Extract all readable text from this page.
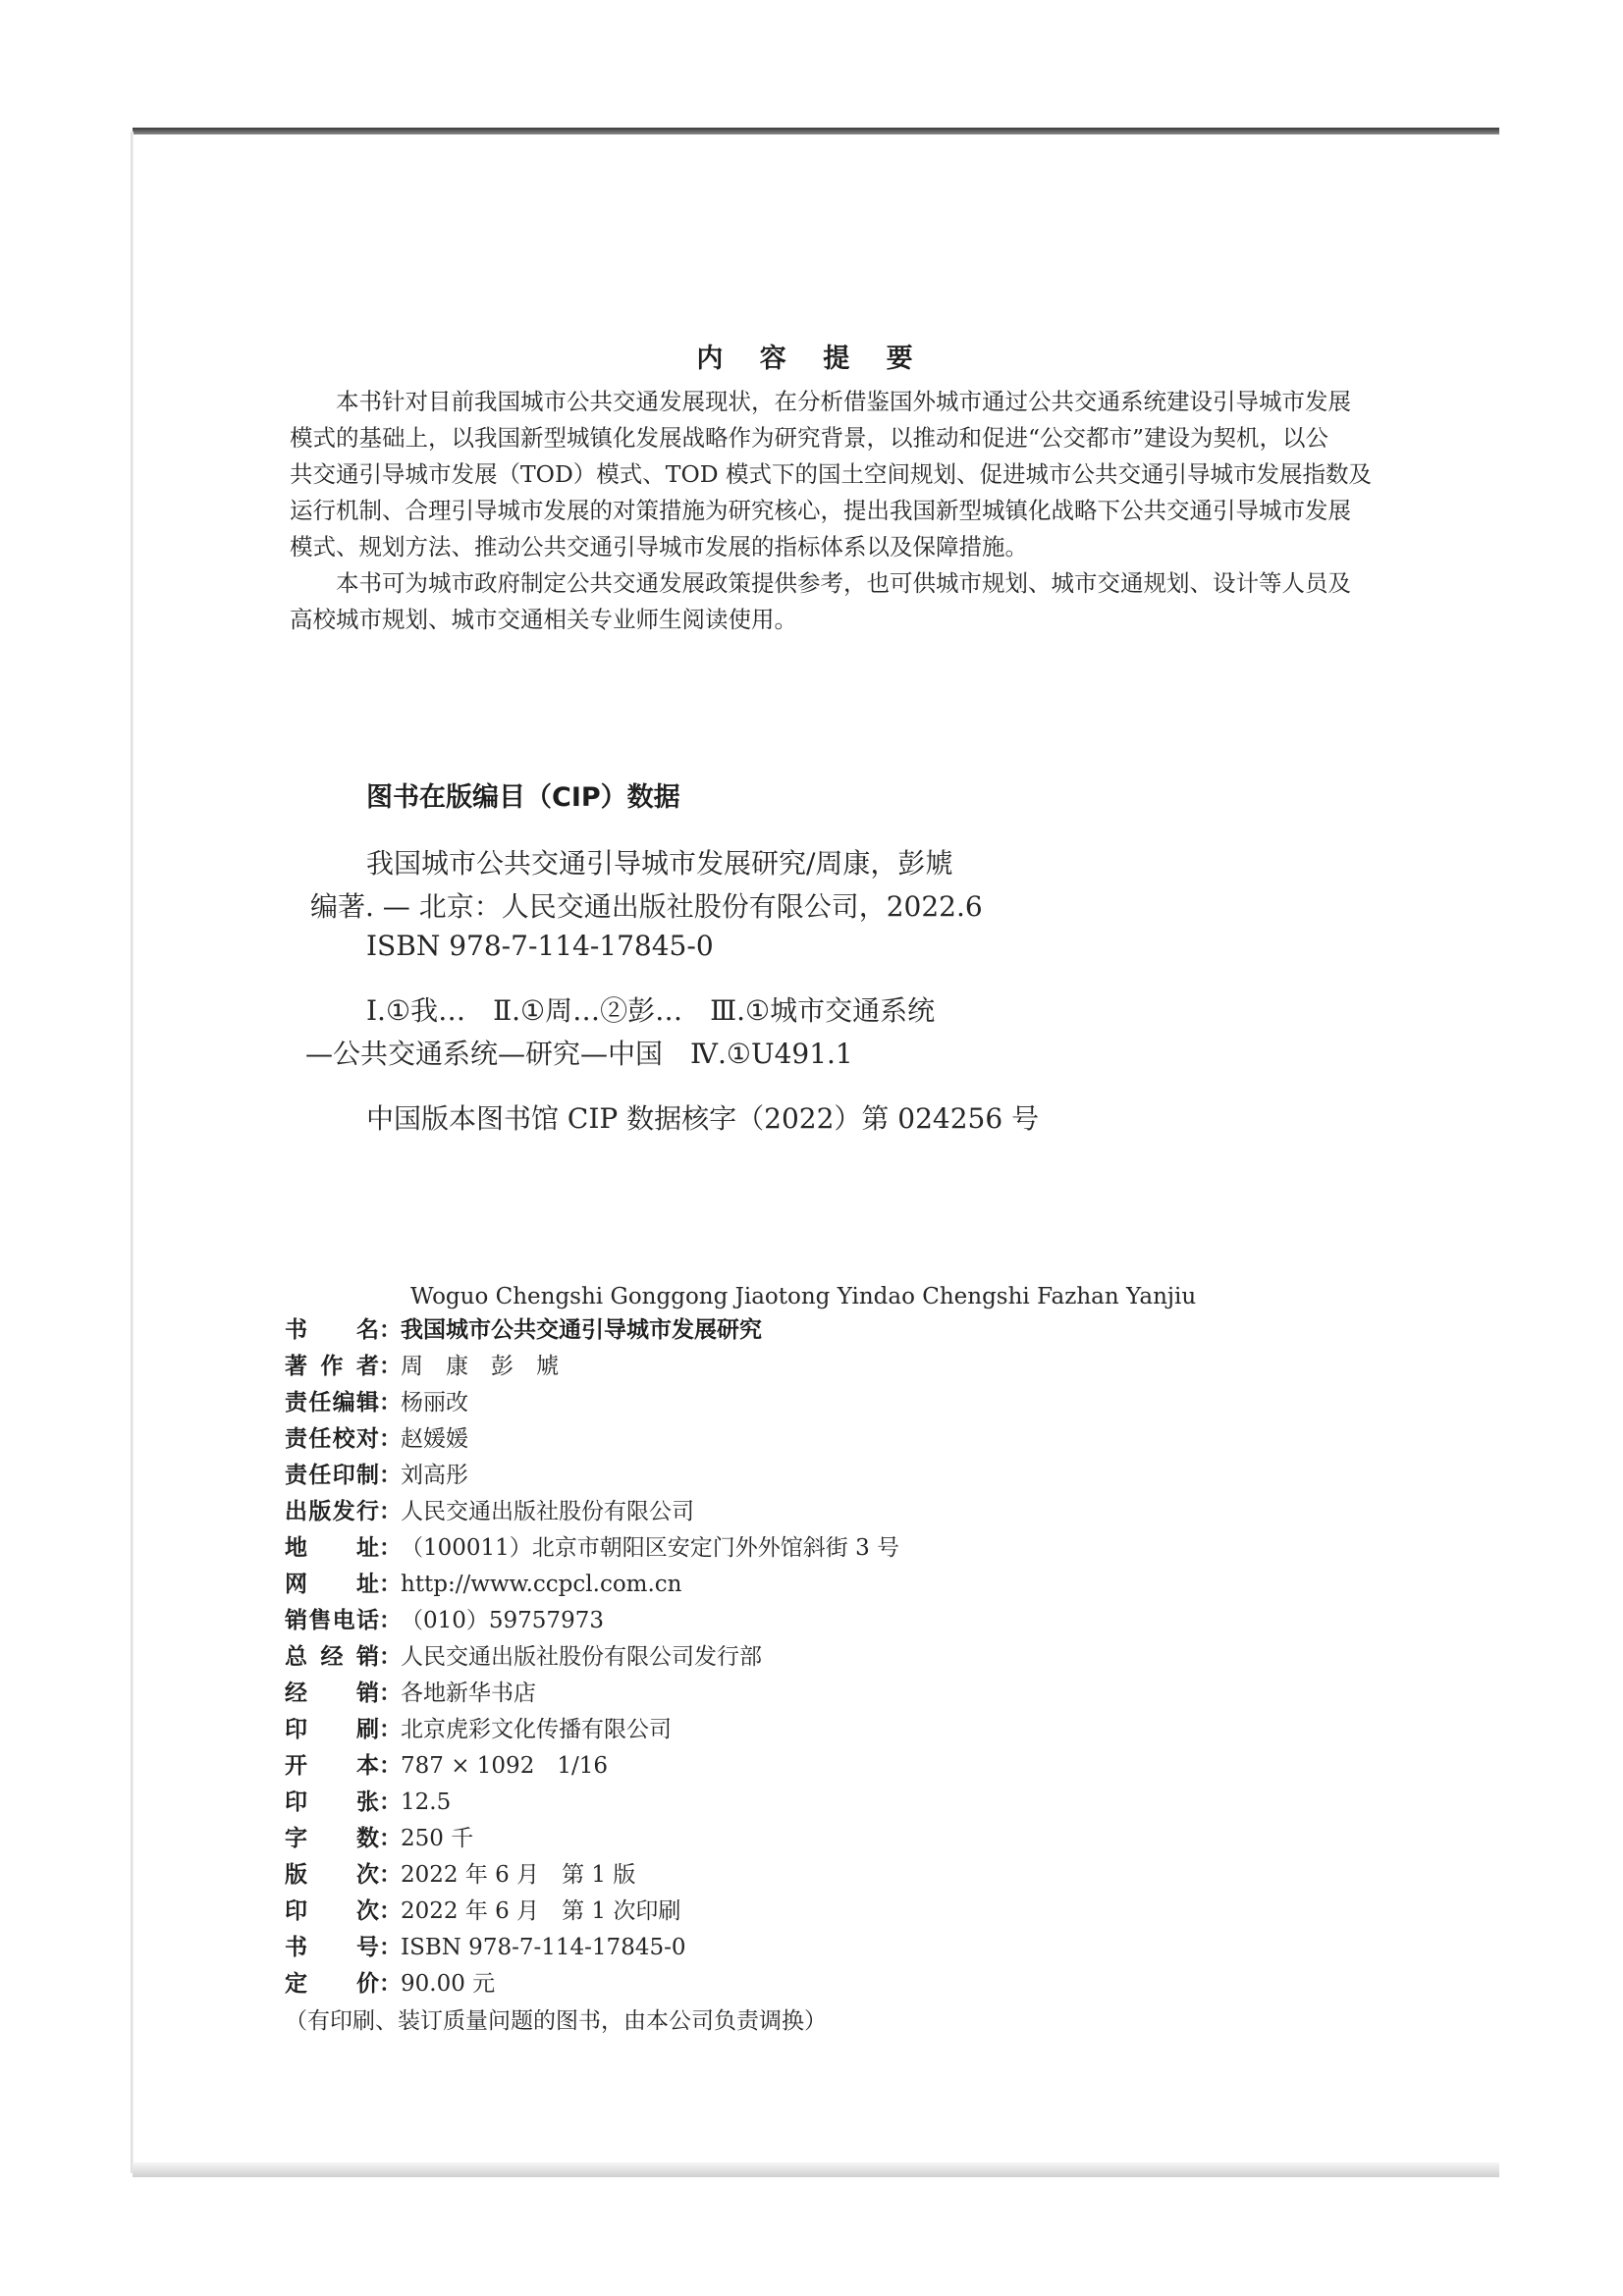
内 容 提 要
　　本书针对目前我国城市公共交通发展现状，在分析借鉴国外城市通过公共交通系统建设引导城市发展
模式的基础上，以我国新型城镇化发展战略作为研究背景，以推动和促进“公交都市”建设为契机，以公
共交通引导城市发展（TOD）模式、TOD 模式下的国土空间规划、促进城市公共交通引导城市发展指数及
运行机制、合理引导城市发展的对策措施为研究核心，提出我国新型城镇化战略下公共交通引导城市发展
模式、规划方法、推动公共交通引导城市发展的指标体系以及保障措施。
　　本书可为城市政府制定公共交通发展政策提供参考，也可供城市规划、城市交通规划、设计等人员及
高校城市规划、城市交通相关专业师生阅读使用。
图书在版编目（CIP）数据
我国城市公共交通引导城市发展研究/周康，彭虓
编著. — 北京：人民交通出版社股份有限公司，2022.6
ISBN 978-7-114-17845-0
Ⅰ.①我…　Ⅱ.①周…②彭…　Ⅲ.①城市交通系统
—公共交通系统—研究—中国　Ⅳ.①U491.1
中国版本图书馆 CIP 数据核字（2022）第 024256 号
Woguo Chengshi Gonggong Jiaotong Yindao Chengshi Fazhan Yanjiu
书 名 ： 我国城市公共交通引导城市发展研究
著 作 者 ： 周　康　彭　虓
责 任 编 辑 ： 杨丽改
责 任 校 对 ： 赵媛媛
责 任 印 制 ： 刘高彤
出 版 发 行 ： 人民交通出版社股份有限公司
地 址 ： （100011）北京市朝阳区安定门外外馆斜街 3 号
网 址 ： http://www.ccpcl.com.cn
销 售 电 话 ： （010）59757973
总 经 销 ： 人民交通出版社股份有限公司发行部
经 销 ： 各地新华书店
印 刷 ： 北京虎彩文化传播有限公司
开 本 ： 787 × 1092　1/16
印 张 ： 12.5
字 数 ： 250 千
版 次 ： 2022 年 6 月　第 1 版
印 次 ： 2022 年 6 月　第 1 次印刷
书 号 ： ISBN 978-7-114-17845-0
定 价 ： 90.00 元
（有印刷、装订质量问题的图书，由本公司负责调换）
